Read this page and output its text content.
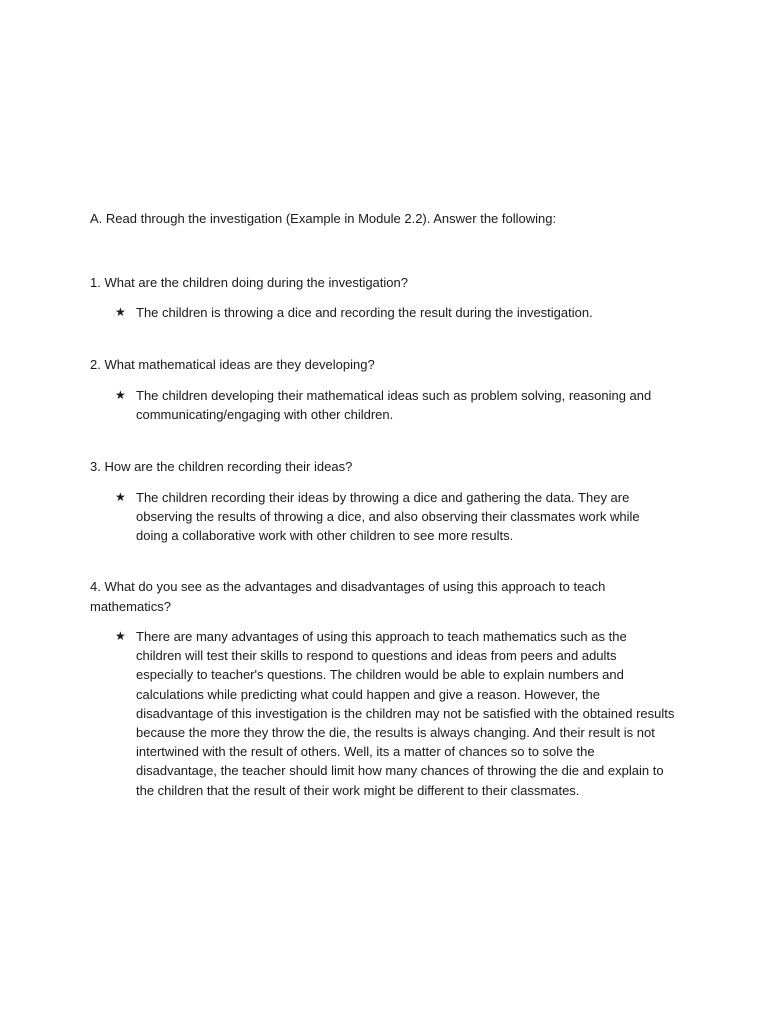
A. Read through the investigation (Example in Module 2.2). Answer the following:
1. What are the children doing during the investigation?
★ The children is throwing a dice and recording the result during the investigation.
2. What mathematical ideas are they developing?
★ The children developing their mathematical ideas such as problem solving, reasoning and communicating/engaging with other children.
3. How are the children recording their ideas?
★ The children recording their ideas by throwing a dice and gathering the data. They are observing the results of throwing a dice, and also observing their classmates work while doing a collaborative work with other children to see more results.
4. What do you see as the advantages and disadvantages of using this approach to teach mathematics?
★ There are many advantages of using this approach to teach mathematics such as the children will test their skills to respond to questions and ideas from peers and adults especially to teacher's questions. The children would be able to explain numbers and calculations while predicting what could happen and give a reason. However, the disadvantage of this investigation is the children may not be satisfied with the obtained results because the more they throw the die, the results is always changing. And their result is not intertwined with the result of others. Well, its a matter of chances so to solve the disadvantage, the teacher should limit how many chances of throwing the die and explain to the children that the result of their work might be different to their classmates.
